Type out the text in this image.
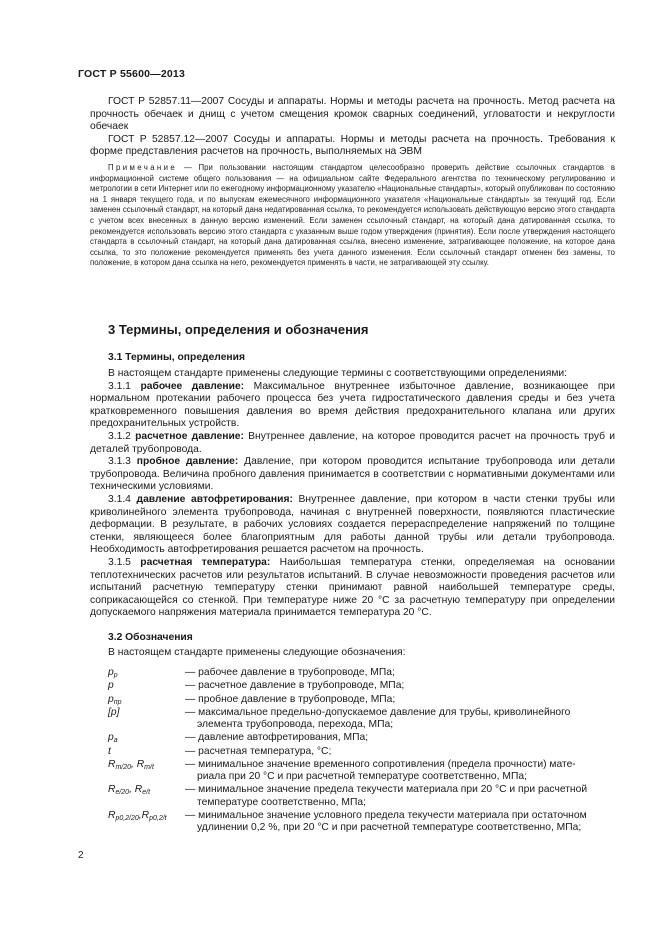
ГОСТ Р 55600—2013

ГОСТ Р 52857.11—2007 Сосуды и аппараты. Нормы и методы расчета на прочность. Метод расчета на прочность обечаек и днищ с учетом смещения кромок сварных соединений, угловатости и некруглости обечаек

ГОСТ Р 52857.12—2007 Сосуды и аппараты. Нормы и методы расчета на прочность. Требования к форме представления расчетов на прочность, выполняемых на ЭВМ

Примечание — При пользовании настоящим стандартом целесообразно проверить действие ссылочных стандартов в информационной системе общего пользования — на официальном сайте Федерального агентства по техническому регулированию и метрологии в сети Интернет или по ежегодному информационному указателю «Национальные стандарты», который опубликован по состоянию на 1 января текущего года, и по выпускам ежемесячного информационного указателя «Национальные стандарты» за текущий год. Если заменен ссылочный стандарт, на который дана недатированная ссылка, то рекомендуется использовать действующую версию этого стандарта с учетом всех внесенных в данную версию изменений. Если заменен ссылочный стандарт, на который дана датированная ссылка, то рекомендуется использовать версию этого стандарта с указанным выше годом утверждения (принятия). Если после утверждения настоящего стандарта в ссылочный стандарт, на который дана датированная ссылка, внесено изменение, затрагивающее положение, на которое дана ссылка, то это положение рекомендуется применять без учета данного изменения. Если ссылочный стандарт отменен без замены, то положение, в котором дана ссылка на него, рекомендуется применять в части, не затрагивающей эту ссылку.
3 Термины, определения и обозначения
3.1 Термины, определения

В настоящем стандарте применены следующие термины с соответствующими определениями:

3.1.1 рабочее давление: Максимальное внутреннее избыточное давление, возникающее при нормальном протекании рабочего процесса без учета гидростатического давления среды и без учета кратковременного повышения давления во время действия предохранительного клапана или других предохранительных устройств.

3.1.2 расчетное давление: Внутреннее давление, на которое проводится расчет на прочность труб и деталей трубопровода.

3.1.3 пробное давление: Давление, при котором проводится испытание трубопровода или детали трубопровода. Величина пробного давления принимается в соответствии с нормативными документами или техническими условиями.

3.1.4 давление автофретирования: Внутреннее давление, при котором в части стенки трубы или криволинейного элемента трубопровода, начиная с внутренней поверхности, появляются пластические деформации. В результате, в рабочих условиях создается перераспределение напряжений по толщине стенки, являющееся более благоприятным для работы данной трубы или детали трубопровода. Необходимость автофретирования решается расчетом на прочность.

3.1.5 расчетная температура: Наибольшая температура стенки, определяемая на основании теплотехнических расчетов или результатов испытаний. В случае невозможности проведения расчетов или испытаний расчетную температуру стенки принимают равной наибольшей температуре среды, соприкасающейся со стенкой. При температуре ниже 20 °С за расчетную температуру при определении допускаемого напряжения материала принимается температура 20 °С.

3.2 Обозначения

В настоящем стандарте применены следующие обозначения:

$p_p$	— рабочее давление в трубопроводе, МПа;
p	— расчетное давление в трубопроводе, МПа;
$p_{пр}$	— пробное давление в трубопроводе, МПа;
[p]	— максимальное предельно-допускаемое давление для трубы, криволинейного
элемента трубопровода, перехода, МПа;
$p_a$	— давление автофретирования, МПа;
t	— расчетная температура, °С;
$R_{m/20}$, $R_{m/t}$	— минимальное значение временного сопротивления (предела прочности) мате-
риала при 20 °С и при расчетной температуре соответственно, МПа;
$R_{e/20}$, $R_{e/t}$	— минимальное значение предела текучести материала при 20 °С и при расчетной
температуре соответственно, МПа;
$R_{p0,2/20},R_{p0,2/t}$	— минимальное значение условного предела текучести материала при остаточном
удлинении 0,2 %, при 20 °С и при расчетной температуре соответственно, МПа;
2
